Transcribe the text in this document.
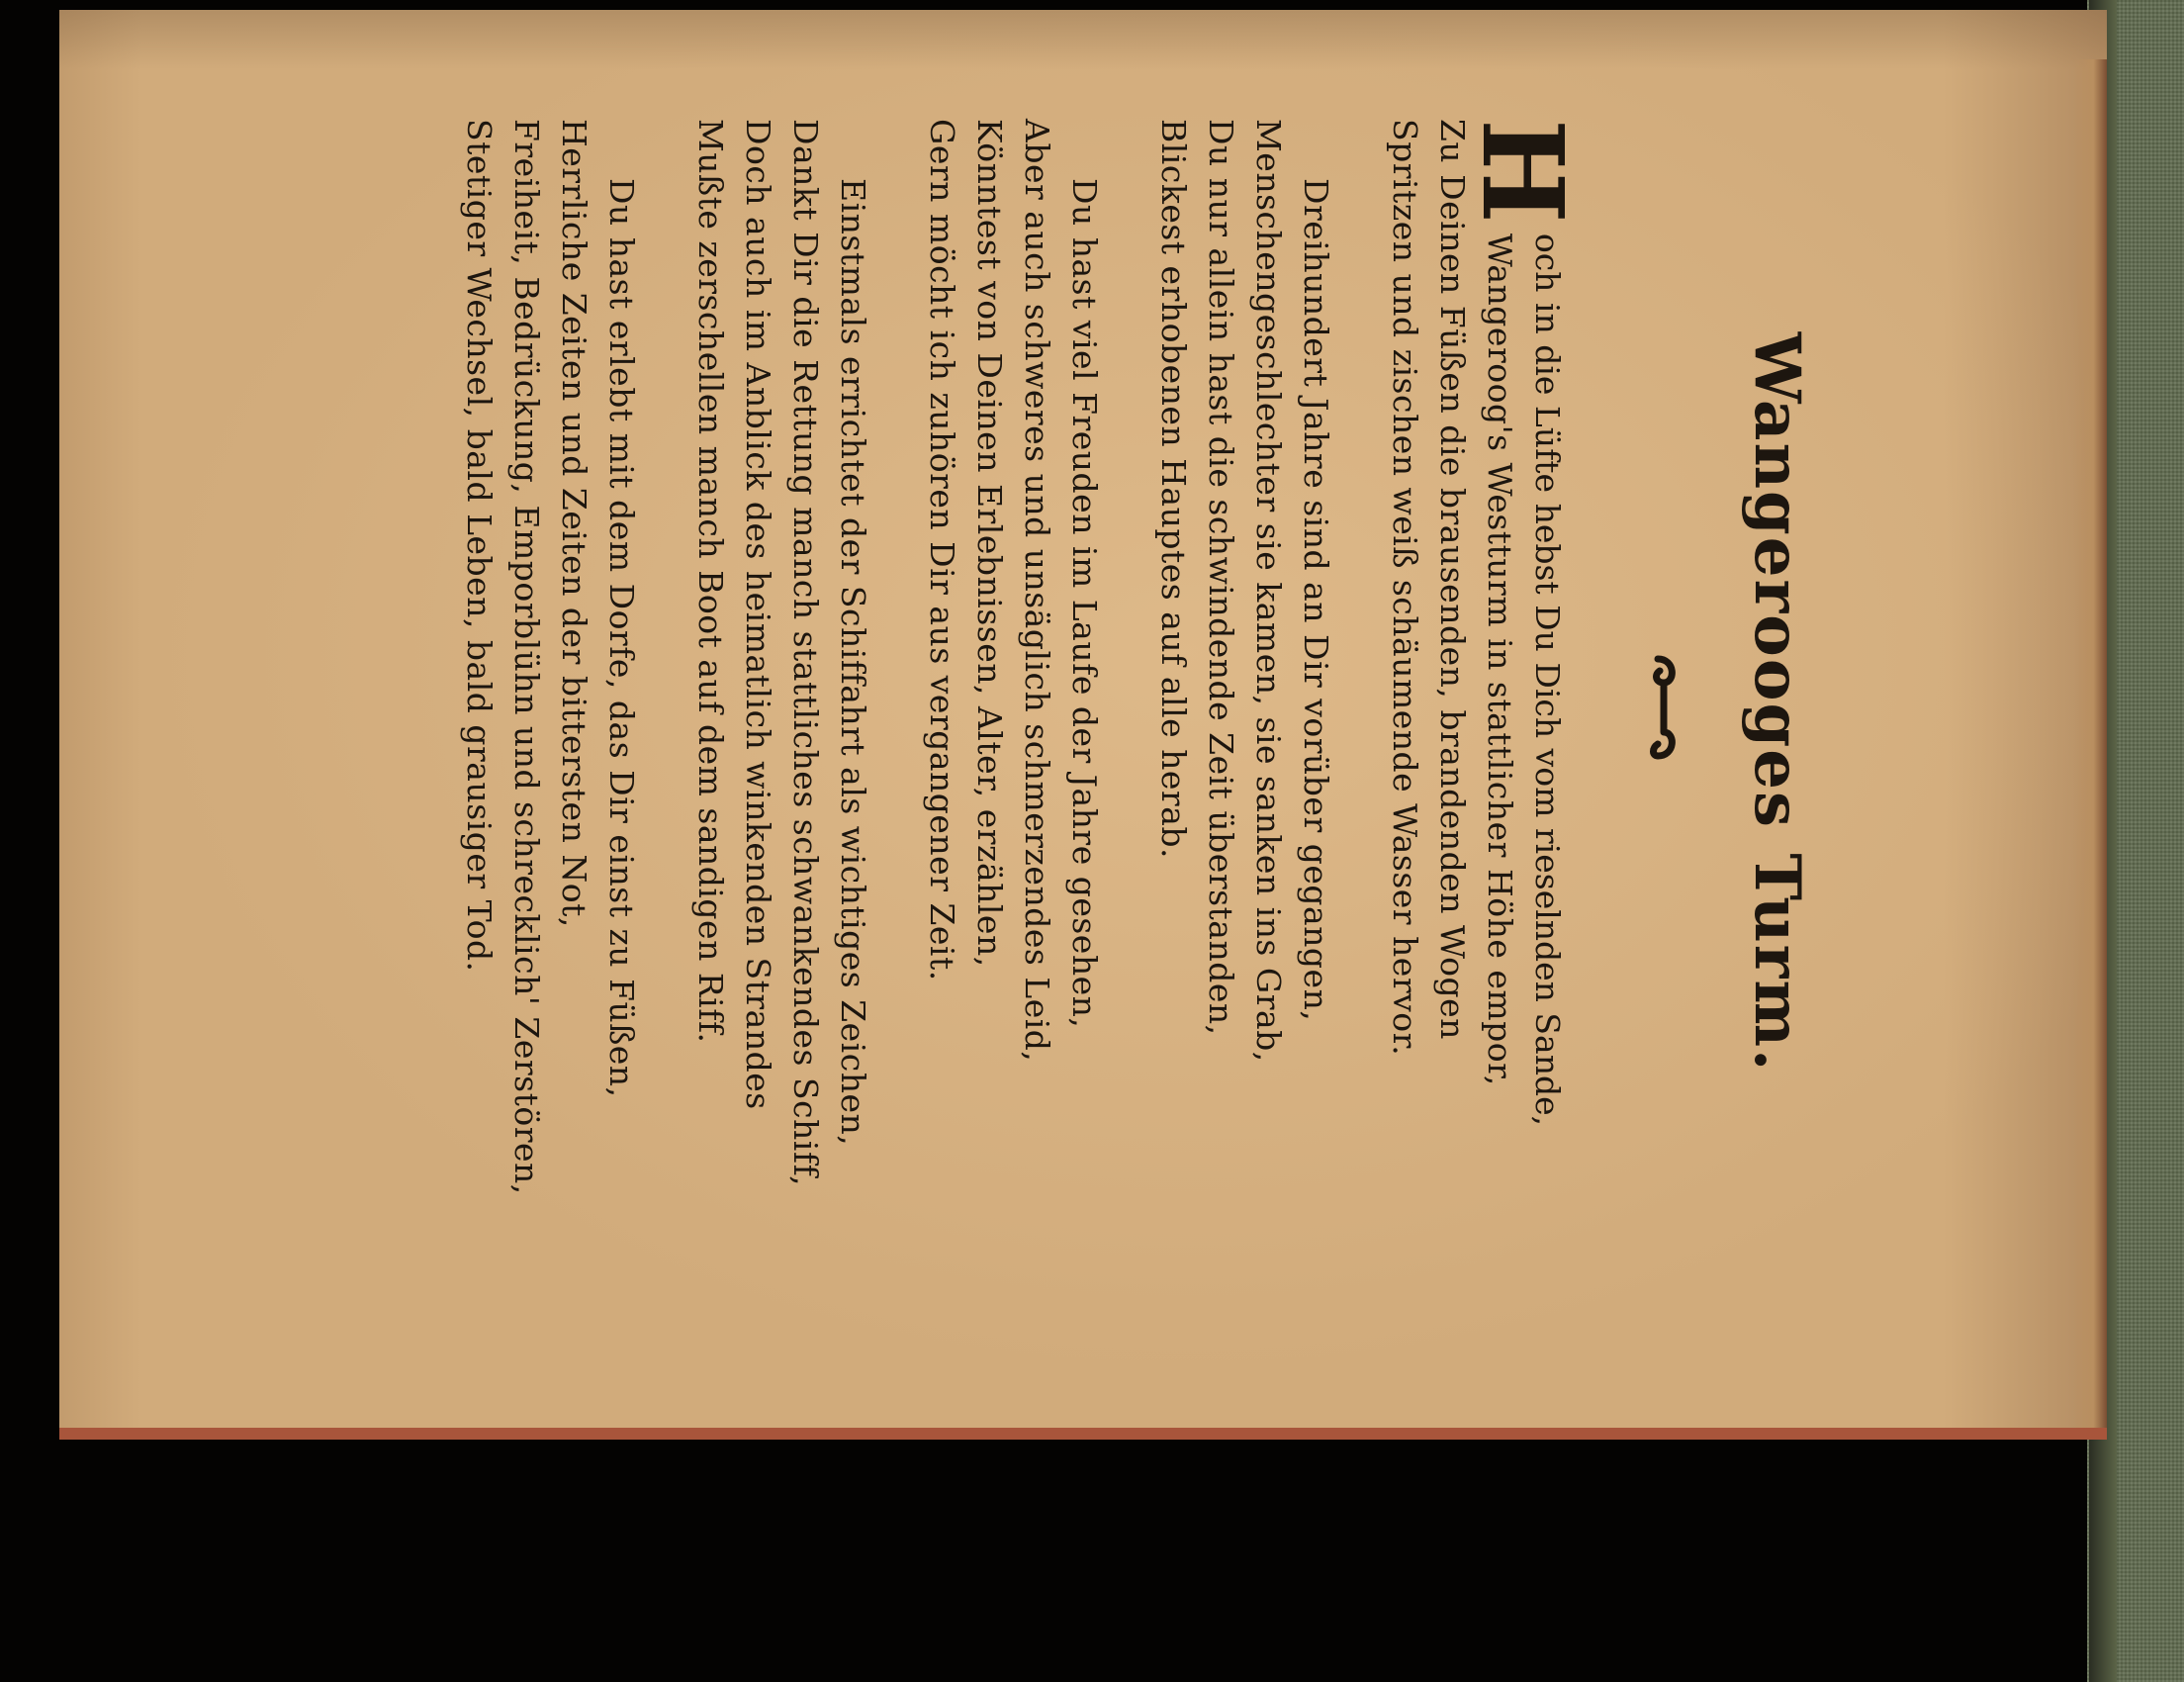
Wangerooges Turm.
H
och in die Lüfte hebst Du Dich vom rieselnden Sande,
Wangeroog's Westturm in stattlicher Höhe empor,
Zu Deinen Füßen die brausenden, brandenden Wogen
Spritzen und zischen weiß schäumende Wasser hervor.
Dreihundert Jahre sind an Dir vorüber gegangen,
Menschengeschlechter sie kamen, sie sanken ins Grab,
Du nur allein hast die schwindende Zeit überstanden,
Blickest erhobenen Hauptes auf alle herab.
Du hast viel Freuden im Laufe der Jahre gesehen,
Aber auch schweres und unsäglich schmerzendes Leid,
Könntest von Deinen Erlebnissen, Alter, erzählen,
Gern möcht ich zuhören Dir aus vergangener Zeit.
Einstmals errichtet der Schiffahrt als wichtiges Zeichen,
Dankt Dir die Rettung manch stattliches schwankendes Schiff,
Doch auch im Anblick des heimatlich winkenden Strandes
Mußte zerschellen manch Boot auf dem sandigen Riff.
Du hast erlebt mit dem Dorfe, das Dir einst zu Füßen,
Herrliche Zeiten und Zeiten der bittersten Not,
Freiheit, Bedrückung, Emporblühn und schrecklich' Zerstören,
Stetiger Wechsel, bald Leben, bald grausiger Tod.
